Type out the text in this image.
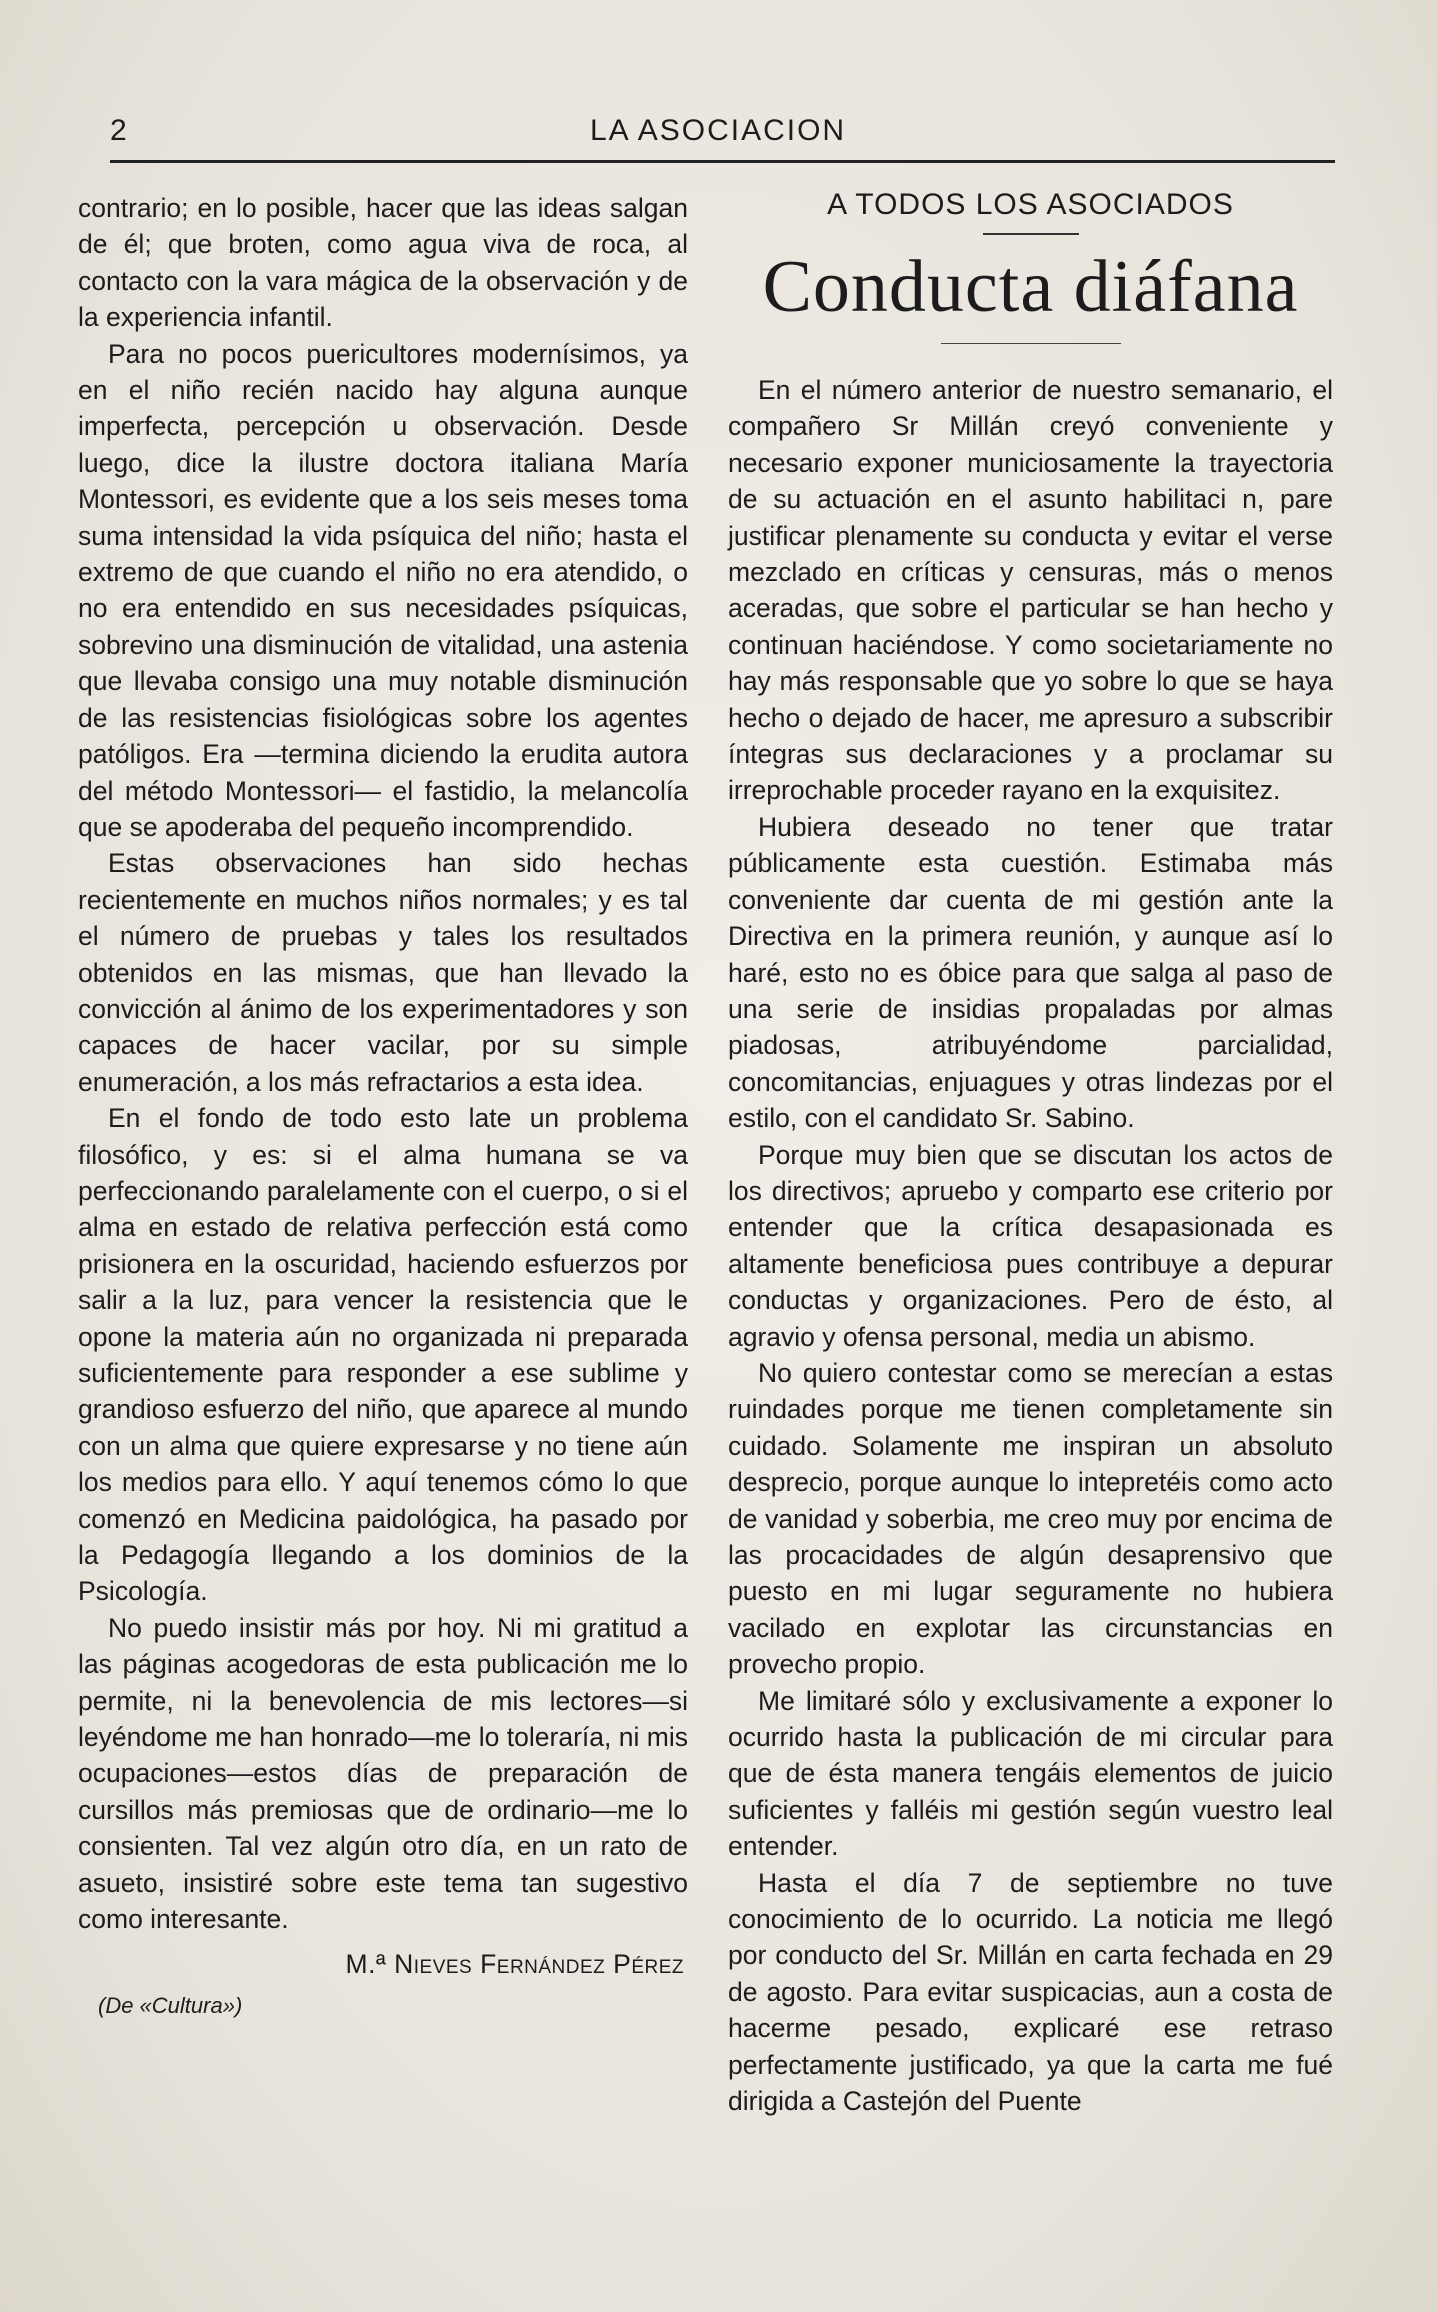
2	LA ASOCIACION

contrario; en lo posible, hacer que las ideas salgan de él; que broten, como agua viva de roca, al contacto con la vara mágica de la observación y de la experiencia infantil.

Para no pocos puericultores modernísimos, ya en el niño recién nacido hay alguna aunque imperfecta, percepción u observación. Desde luego, dice la ilustre doctora italiana María Montessori, es evidente que a los seis meses toma suma intensidad la vida psíquica del niño; hasta el extremo de que cuando el niño no era atendido, o no era entendido en sus necesidades psíquicas, sobrevino una disminución de vitalidad, una astenia que llevaba consigo una muy notable disminución de las resistencias fisiológicas sobre los agentes patóligos. Era —termina diciendo la erudita autora del método Montessori— el fastidio, la melancolía que se apoderaba del pequeño incomprendido.

Estas observaciones han sido hechas recientemente en muchos niños normales; y es tal el número de pruebas y tales los resultados obtenidos en las mismas, que han llevado la convicción al ánimo de los experimentadores y son capaces de hacer vacilar, por su simple enumeración, a los más refractarios a esta idea.

En el fondo de todo esto late un problema filosófico, y es: si el alma humana se va perfeccionando paralelamente con el cuerpo, o si el alma en estado de relativa perfección está como prisionera en la oscuridad, haciendo esfuerzos por salir a la luz, para vencer la resistencia que le opone la materia aún no organizada ni preparada suficientemente para responder a ese sublime y grandioso esfuerzo del niño, que aparece al mundo con un alma que quiere expresarse y no tiene aún los medios para ello. Y aquí tenemos cómo lo que comenzó en Medicina paidológica, ha pasado por la Pedagogía llegando a los dominios de la Psicología.

No puedo insistir más por hoy. Ni mi gratitud a las páginas acogedoras de esta publicación me lo permite, ni la benevolencia de mis lectores—si leyéndome me han honrado—me lo toleraría, ni mis ocupaciones—estos días de preparación de cursillos más premiosas que de ordinario—me lo consienten. Tal vez algún otro día, en un rato de asueto, insistiré sobre este tema tan sugestivo como interesante.

M.ª Nieves Fernández Pérez
(De «Cultura»)
A TODOS LOS ASOCIADOS
Conducta diáfana

En el número anterior de nuestro semanario, el compañero Sr Millán creyó conveniente y necesario exponer municiosamente la trayectoria de su actuación en el asunto habilitaci n, pare justificar plenamente su conducta y evitar el verse mezclado en críticas y censuras, más o menos aceradas, que sobre el particular se han hecho y continuan haciéndose. Y como societariamente no hay más responsable que yo sobre lo que se haya hecho o dejado de hacer, me apresuro a subscribir íntegras sus declaraciones y a proclamar su irreprochable proceder rayano en la exquisitez.

Hubiera deseado no tener que tratar públicamente esta cuestión. Estimaba más conveniente dar cuenta de mi gestión ante la Directiva en la primera reunión, y aunque así lo haré, esto no es óbice para que salga al paso de una serie de insidias propaladas por almas piadosas, atribuyéndome parcialidad, concomitancias, enjuagues y otras lindezas por el estilo, con el candidato Sr. Sabino.

Porque muy bien que se discutan los actos de los directivos; apruebo y comparto ese criterio por entender que la crítica desapasionada es altamente beneficiosa pues contribuye a depurar conductas y organizaciones. Pero de ésto, al agravio y ofensa personal, media un abismo.

No quiero contestar como se merecían a estas ruindades porque me tienen completamente sin cuidado. Solamente me inspiran un absoluto desprecio, porque aunque lo intepretéis como acto de vanidad y soberbia, me creo muy por encima de las procacidades de algún desaprensivo que puesto en mi lugar seguramente no hubiera vacilado en explotar las circunstancias en provecho propio.

Me limitaré sólo y exclusivamente a exponer lo ocurrido hasta la publicación de mi circular para que de ésta manera tengáis elementos de juicio suficientes y falléis mi gestión según vuestro leal entender.

Hasta el día 7 de septiembre no tuve conocimiento de lo ocurrido. La noticia me llegó por conducto del Sr. Millán en carta fechada en 29 de agosto. Para evitar suspicacias, aun a costa de hacerme pesado, explicaré ese retraso perfectamente justificado, ya que la carta me fué dirigida a Castejón del Puente
